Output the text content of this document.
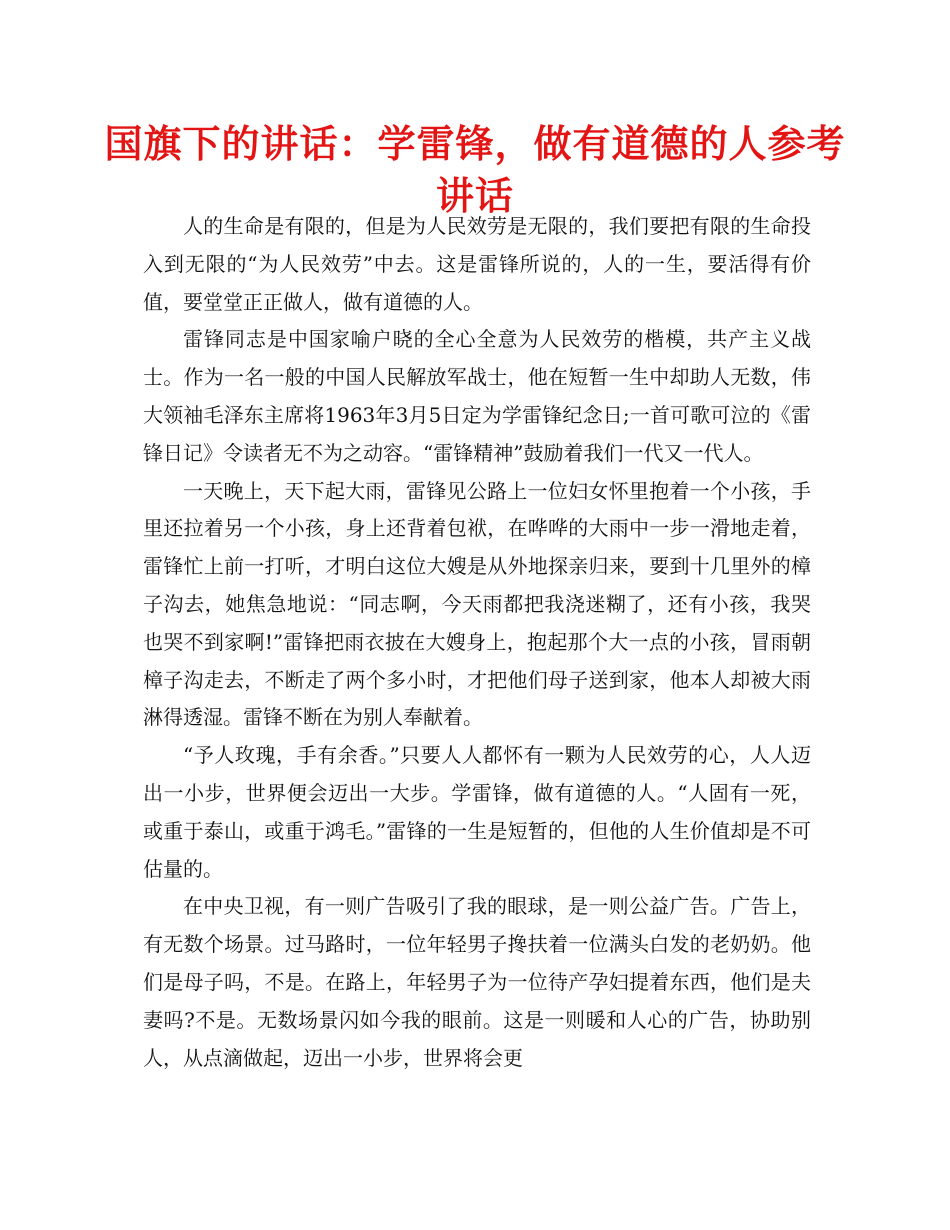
国旗下的讲话：学雷锋，做有道德的人参考讲话

人的生命是有限的，但是为人民效劳是无限的，我们要把有限的生命投入到无限的“为人民效劳”中去。这是雷锋所说的，人的一生，要活得有价值，要堂堂正正做人，做有道德的人。

雷锋同志是中国家喻户晓的全心全意为人民效劳的楷模，共产主义战士。作为一名一般的中国人民解放军战士，他在短暂一生中却助人无数，伟大领袖毛泽东主席将1963年3月5日定为学雷锋纪念日;一首可歌可泣的《雷锋日记》令读者无不为之动容。“雷锋精神”鼓励着我们一代又一代人。

一天晚上，天下起大雨，雷锋见公路上一位妇女怀里抱着一个小孩，手里还拉着另一个小孩，身上还背着包袱，在哗哗的大雨中一步一滑地走着，雷锋忙上前一打听，才明白这位大嫂是从外地探亲归来，要到十几里外的樟子沟去，她焦急地说：“同志啊，今天雨都把我浇迷糊了，还有小孩，我哭也哭不到家啊!”雷锋把雨衣披在大嫂身上，抱起那个大一点的小孩，冒雨朝樟子沟走去，不断走了两个多小时，才把他们母子送到家，他本人却被大雨淋得透湿。雷锋不断在为别人奉献着。

“予人玫瑰，手有余香。”只要人人都怀有一颗为人民效劳的心，人人迈出一小步，世界便会迈出一大步。学雷锋，做有道德的人。“人固有一死，或重于泰山，或重于鸿毛。”雷锋的一生是短暂的，但他的人生价值却是不可估量的。

在中央卫视，有一则广告吸引了我的眼球，是一则公益广告。广告上，有无数个场景。过马路时，一位年轻男子搀扶着一位满头白发的老奶奶。他们是母子吗，不是。在路上，年轻男子为一位待产孕妇提着东西，他们是夫妻吗?不是。无数场景闪如今我的眼前。这是一则暖和人心的广告，协助别人，从点滴做起，迈出一小步，世界将会更
